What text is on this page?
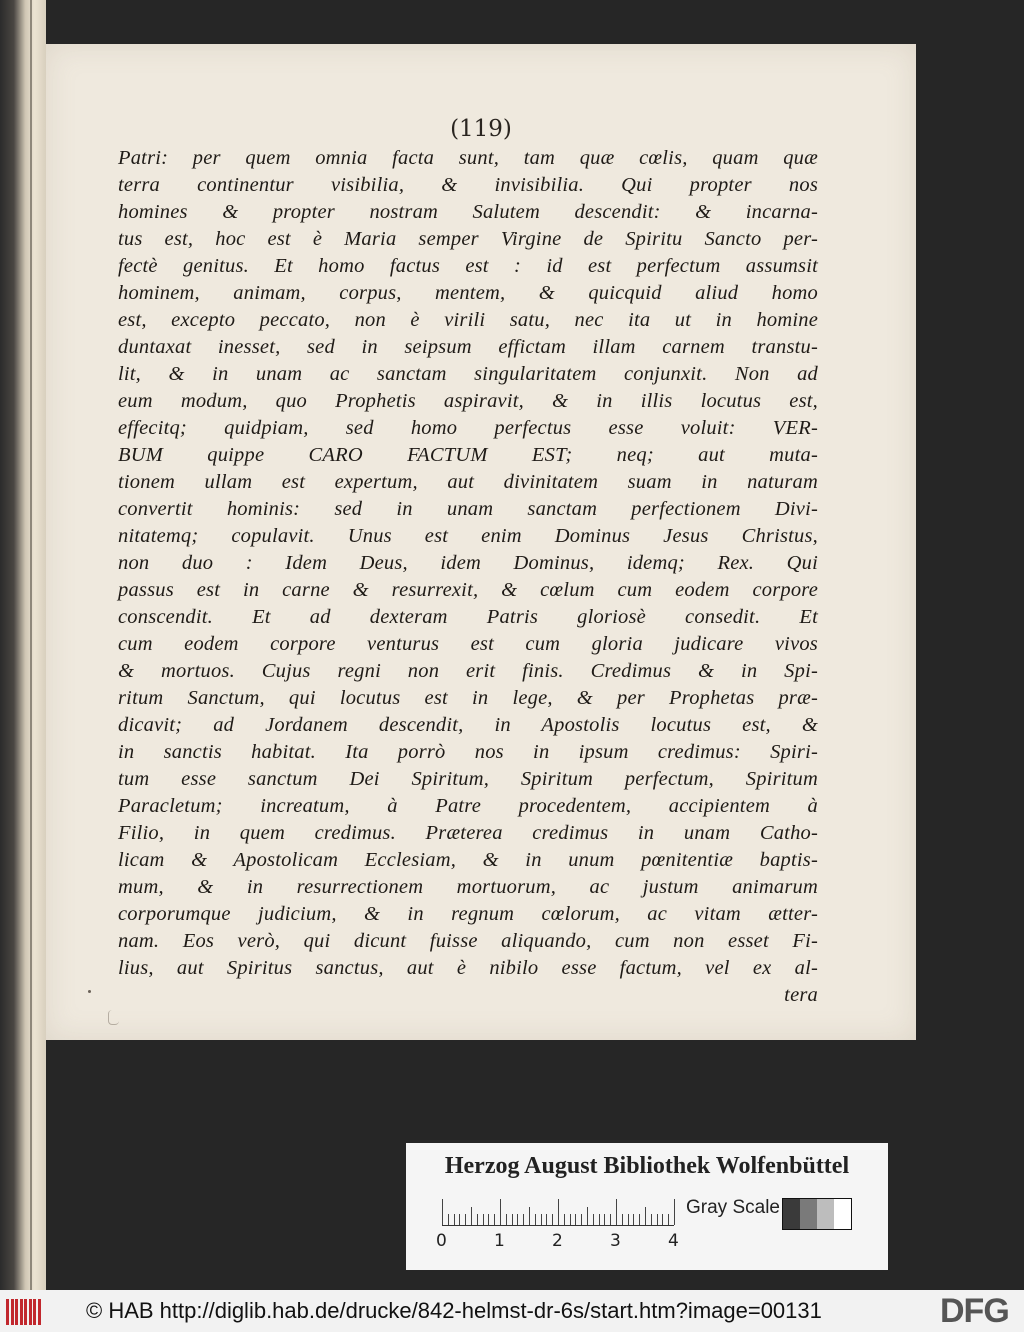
(119)
Patri: per quem omnia facta sunt, tam quæ cœlis, quam quæ
terra continentur visibilia, & invisibilia. Qui propter nos
homines & propter nostram Salutem descendit: & incarna-
tus est, hoc est è Maria semper Virgine de Spiritu Sancto per-
fectè genitus. Et homo factus est : id est perfectum assumsit
hominem, animam, corpus, mentem, & quicquid aliud homo
est, excepto peccato, non è virili satu, nec ita ut in homine
duntaxat inesset, sed in seipsum effictam illam carnem transtu-
lit, & in unam ac sanctam singularitatem conjunxit. Non ad
eum modum, quo Prophetis aspiravit, & in illis locutus est,
effecitq; quidpiam, sed homo perfectus esse voluit: VER-
BUM quippe CARO FACTUM EST; neq; aut muta-
tionem ullam est expertum, aut divinitatem suam in naturam
convertit hominis: sed in unam sanctam perfectionem Divi-
nitatemq; copulavit. Unus est enim Dominus Jesus Christus,
non duo : Idem Deus, idem Dominus, idemq; Rex. Qui
passus est in carne & resurrexit, & cœlum cum eodem corpore
conscendit. Et ad dexteram Patris gloriosè consedit. Et
cum eodem corpore venturus est cum gloria judicare vivos
& mortuos. Cujus regni non erit finis. Credimus & in Spi-
ritum Sanctum, qui locutus est in lege, & per Prophetas præ-
dicavit; ad Jordanem descendit, in Apostolis locutus est, &
in sanctis habitat. Ita porrò nos in ipsum credimus: Spiri-
tum esse sanctum Dei Spiritum, Spiritum perfectum, Spiritum
Paracletum; increatum, à Patre procedentem, accipientem à
Filio, in quem credimus. Præterea credimus in unam Catho-
licam & Apostolicam Ecclesiam, & in unum pœnitentiæ baptis-
mum, & in resurrectionem mortuorum, ac justum animarum
corporumque judicium, & in regnum cœlorum, ac vitam ætter-
nam. Eos verò, qui dicunt fuisse aliquando, cum non esset Fi-
lius, aut Spiritus sanctus, aut è nibilo esse factum, vel ex al-
tera
Herzog August Bibliothek Wolfenbüttel
0	1	2	3	4
Gray Scale
© HAB http://diglib.hab.de/drucke/842-helmst-dr-6s/start.htm?image=00131	DFG
